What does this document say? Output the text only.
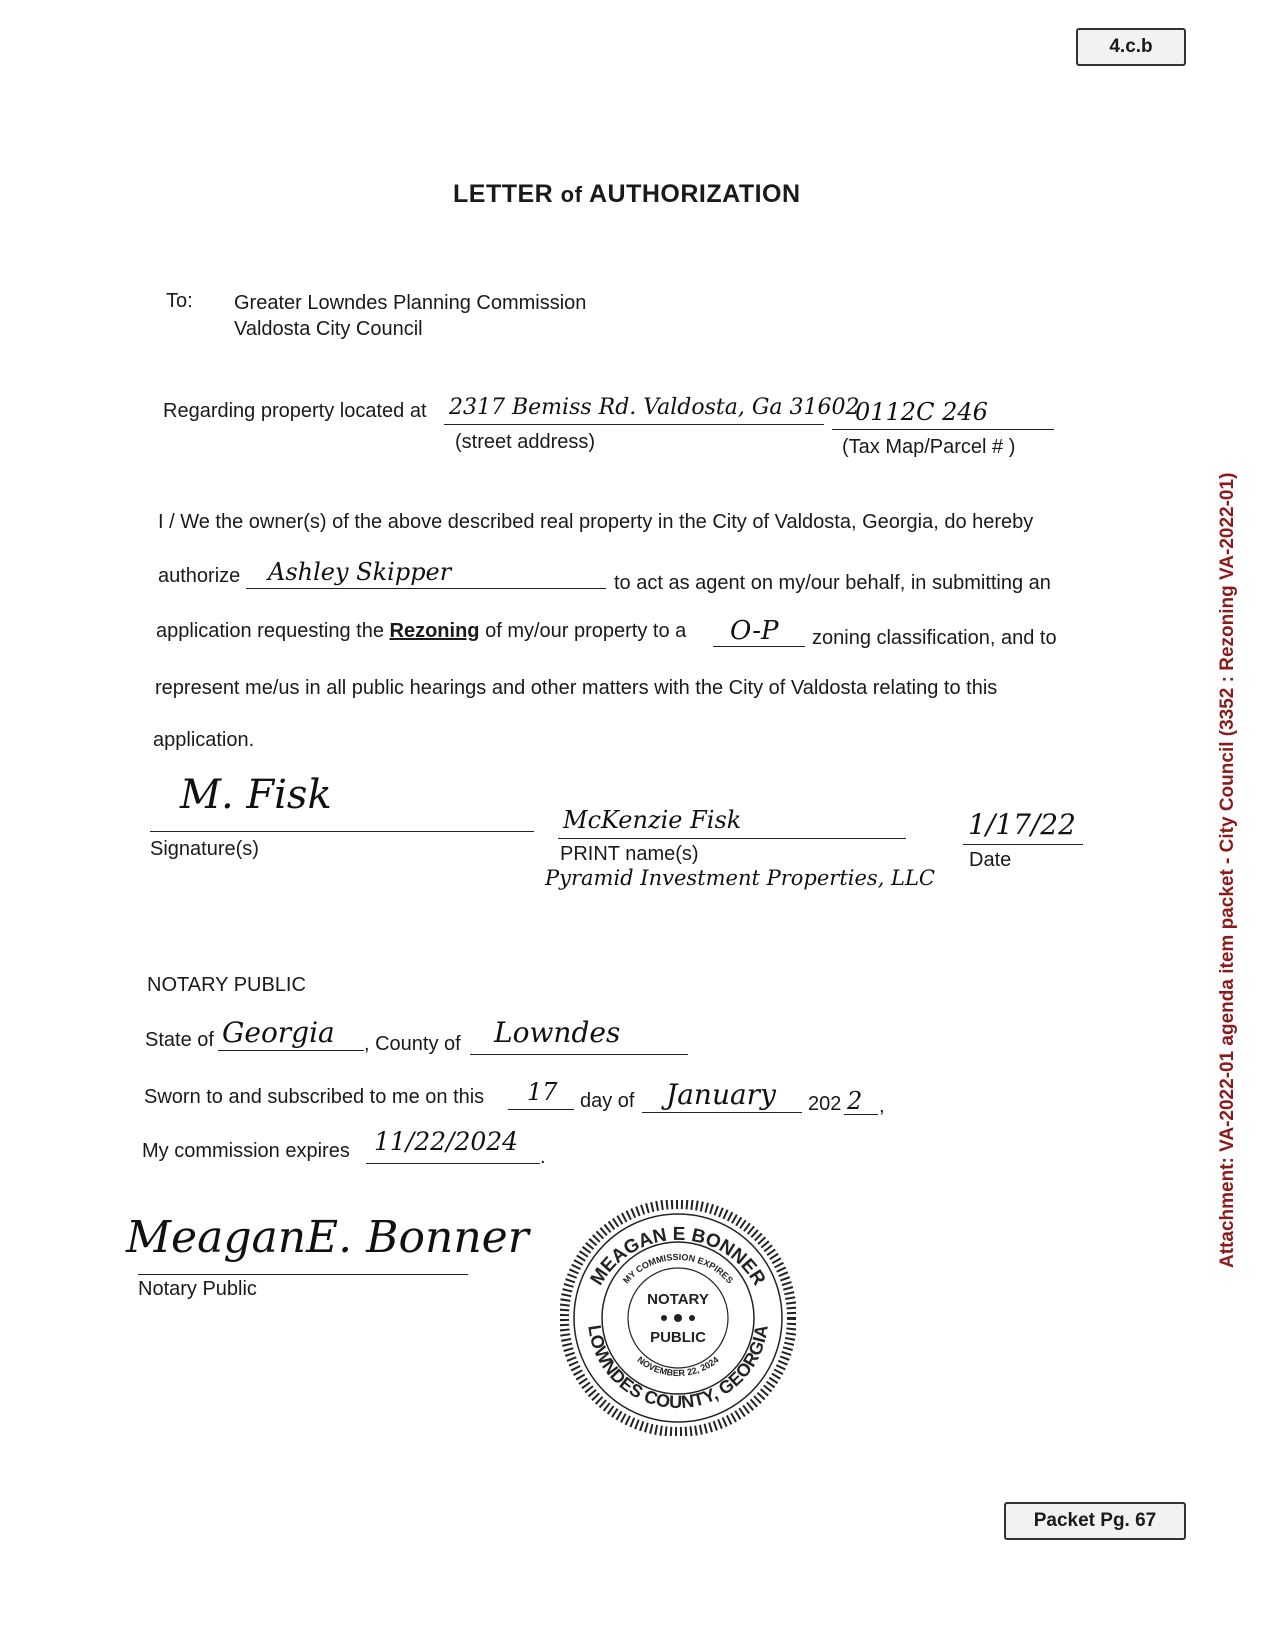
4.c.b
LETTER of AUTHORIZATION
To: Greater Lowndes Planning Commission
Valdosta City Council
Regarding property located at 2317 Bemiss Rd. Valdosta, Ga 31602
(street address)
0112C 246
(Tax Map/Parcel # )
I / We the owner(s) of the above described real property in the City of Valdosta, Georgia, do hereby
authorize Ashley Skipper	to act as agent on my/our behalf, in submitting an
application requesting the Rezoning of my/our property to a O-P zoning classification, and to
represent me/us in all public hearings and other matters with the City of Valdosta relating to this
application.
M. Fisk
Signature(s)
McKenzie Fisk
PRINT name(s)
Pyramid Investment Properties, LLC
1/17/22
Date
NOTARY PUBLIC
State of Georgia , County of Lowndes
Sworn to and subscribed to me on this 17 day of January 202 2 ,
My commission expires 11/22/2024
.
MeaganE. Bonner
Notary Public	MEAGAN E BONNER
LOWNDES COUNTY, GEORGIA
MY COMMISSION EXPIRES
NOVEMBER 22, 2024
NOTARY
PUBLIC
Attachment: VA-2022-01 agenda item packet - City Council (3352 : Rezoning VA-2022-01)
Packet Pg. 67
